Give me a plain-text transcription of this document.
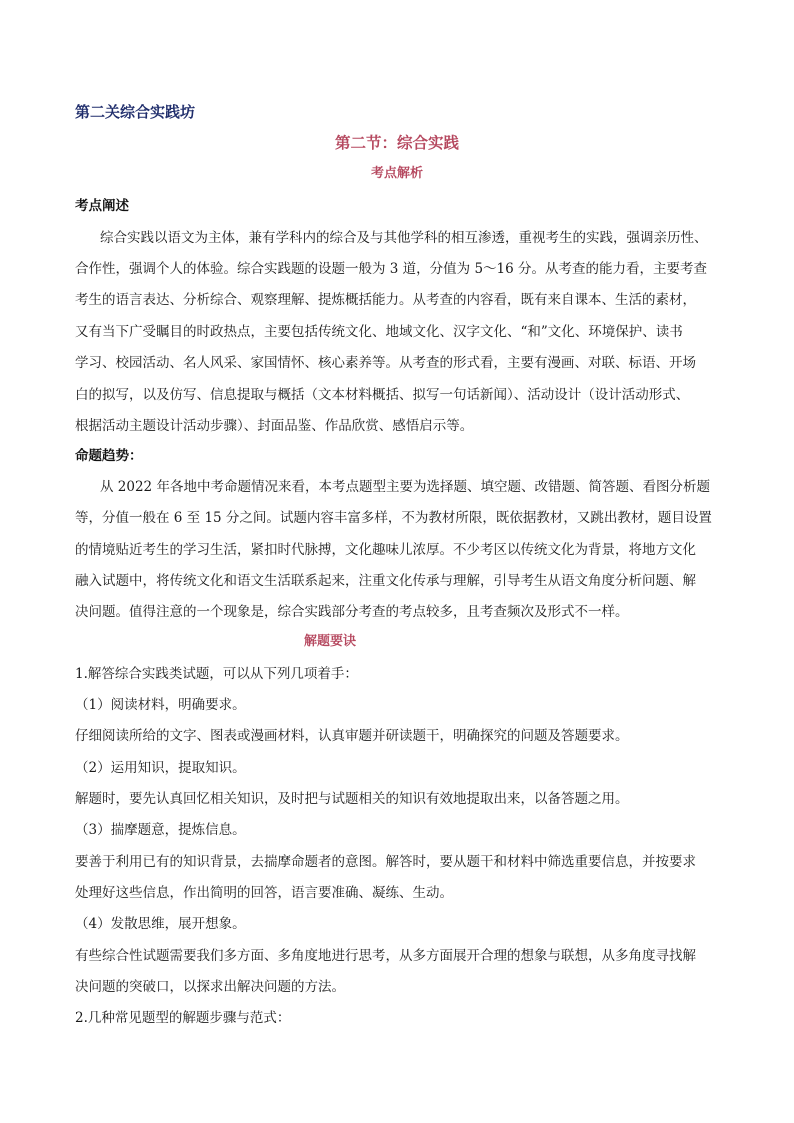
第二关综合实践坊
第二节：综合实践
考点解析
考点阐述
综合实践以语文为主体，兼有学科内的综合及与其他学科的相互渗透，重视考生的实践，强调亲历性、
合作性，强调个人的体验。综合实践题的设题一般为 3 道，分值为 5～16 分。从考查的能力看，主要考查
考生的语言表达、分析综合、观察理解、提炼概括能力。从考查的内容看，既有来自课本、生活的素材，
又有当下广受瞩目的时政热点，主要包括传统文化、地域文化、汉字文化、“和”文化、环境保护、读书
学习、校园活动、名人风采、家国情怀、核心素养等。从考查的形式看，主要有漫画、对联、标语、开场
白的拟写，以及仿写、信息提取与概括（文本材料概括、拟写一句话新闻）、活动设计（设计活动形式、
根据活动主题设计活动步骤）、封面品鉴、作品欣赏、感悟启示等。
命题趋势：
从 2022 年各地中考命题情况来看，本考点题型主要为选择题、填空题、改错题、简答题、看图分析题
等，分值一般在 6 至 15 分之间。试题内容丰富多样，不为教材所限，既依据教材，又跳出教材，题目设置
的情境贴近考生的学习生活，紧扣时代脉搏，文化趣味儿浓厚。不少考区以传统文化为背景，将地方文化
融入试题中，将传统文化和语文生活联系起来，注重文化传承与理解，引导考生从语文角度分析问题、解
决问题。值得注意的一个现象是，综合实践部分考查的考点较多，且考查频次及形式不一样。
解题要诀
1.解答综合实践类试题，可以从下列几项着手：
（1）阅读材料，明确要求。
仔细阅读所给的文字、图表或漫画材料，认真审题并研读题干，明确探究的问题及答题要求。
（2）运用知识，提取知识。
解题时，要先认真回忆相关知识，及时把与试题相关的知识有效地提取出来，以备答题之用。
（3）揣摩题意，提炼信息。
要善于利用已有的知识背景，去揣摩命题者的意图。解答时，要从题干和材料中筛选重要信息，并按要求
处理好这些信息，作出简明的回答，语言要准确、凝练、生动。
（4）发散思维，展开想象。
有些综合性试题需要我们多方面、多角度地进行思考，从多方面展开合理的想象与联想，从多角度寻找解
决问题的突破口，以探求出解决问题的方法。
2.几种常见题型的解题步骤与范式：
